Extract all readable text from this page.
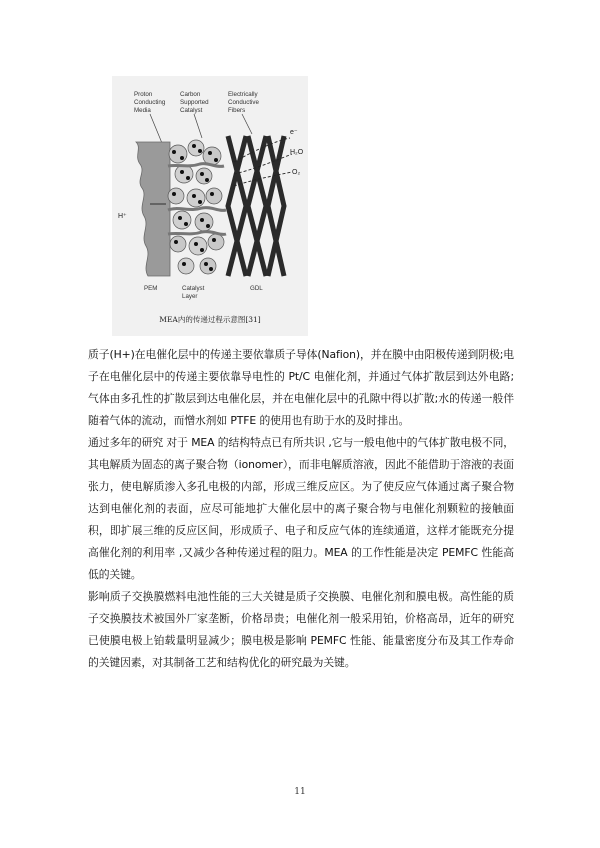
Proton Conducting Media
Carbon Supported Catalyst
Electrically Conductive Fibers
e⁻
H₂O
O₂
H⁺
PEM	Catalyst Layer
GDL
MEA内的传递过程示意图[31]

质子(H+)在电催化层中的传递主要依靠质子导体(Nafion)，并在膜中由阳极传递到阴极;电子在电催化层中的传递主要依靠导电性的 Pt/C 电催化剂，并通过气体扩散层到达外电路;气体由多孔性的扩散层到达电催化层，并在电催化层中的孔隙中得以扩散;水的传递一般伴随着气体的流动，而憎水剂如 PTFE 的使用也有助于水的及时排出。

通过多年的研究 对于 MEA 的结构特点已有所共识 ,它与一般电他中的气体扩散电极不同，其电解质为固态的离子聚合物（ionomer），而非电解质溶液，因此不能借助于溶液的表面张力，使电解质渗入多孔电极的内部，形成三维反应区。为了使反应气体通过离子聚合物达到电催化剂的表面，应尽可能地扩大催化层中的离子聚合物与电催化剂颗粒的接触面积，即扩展三维的反应区间，形成质子、电子和反应气体的连续通道，这样才能既充分提高催化剂的利用率 ,又减少各种传递过程的阻力。MEA 的工作性能是决定 PEMFC 性能高低的关键。

影响质子交换膜燃料电池性能的三大关键是质子交换膜、电催化剂和膜电极。高性能的质子交换膜技术被国外厂家垄断，价格昂贵；电催化剂一般采用铂，价格高昂，近年的研究已使膜电极上铂载量明显减少；膜电极是影响 PEMFC 性能、能量密度分布及其工作寿命的关键因素，对其制备工艺和结构优化的研究最为关键。

11
